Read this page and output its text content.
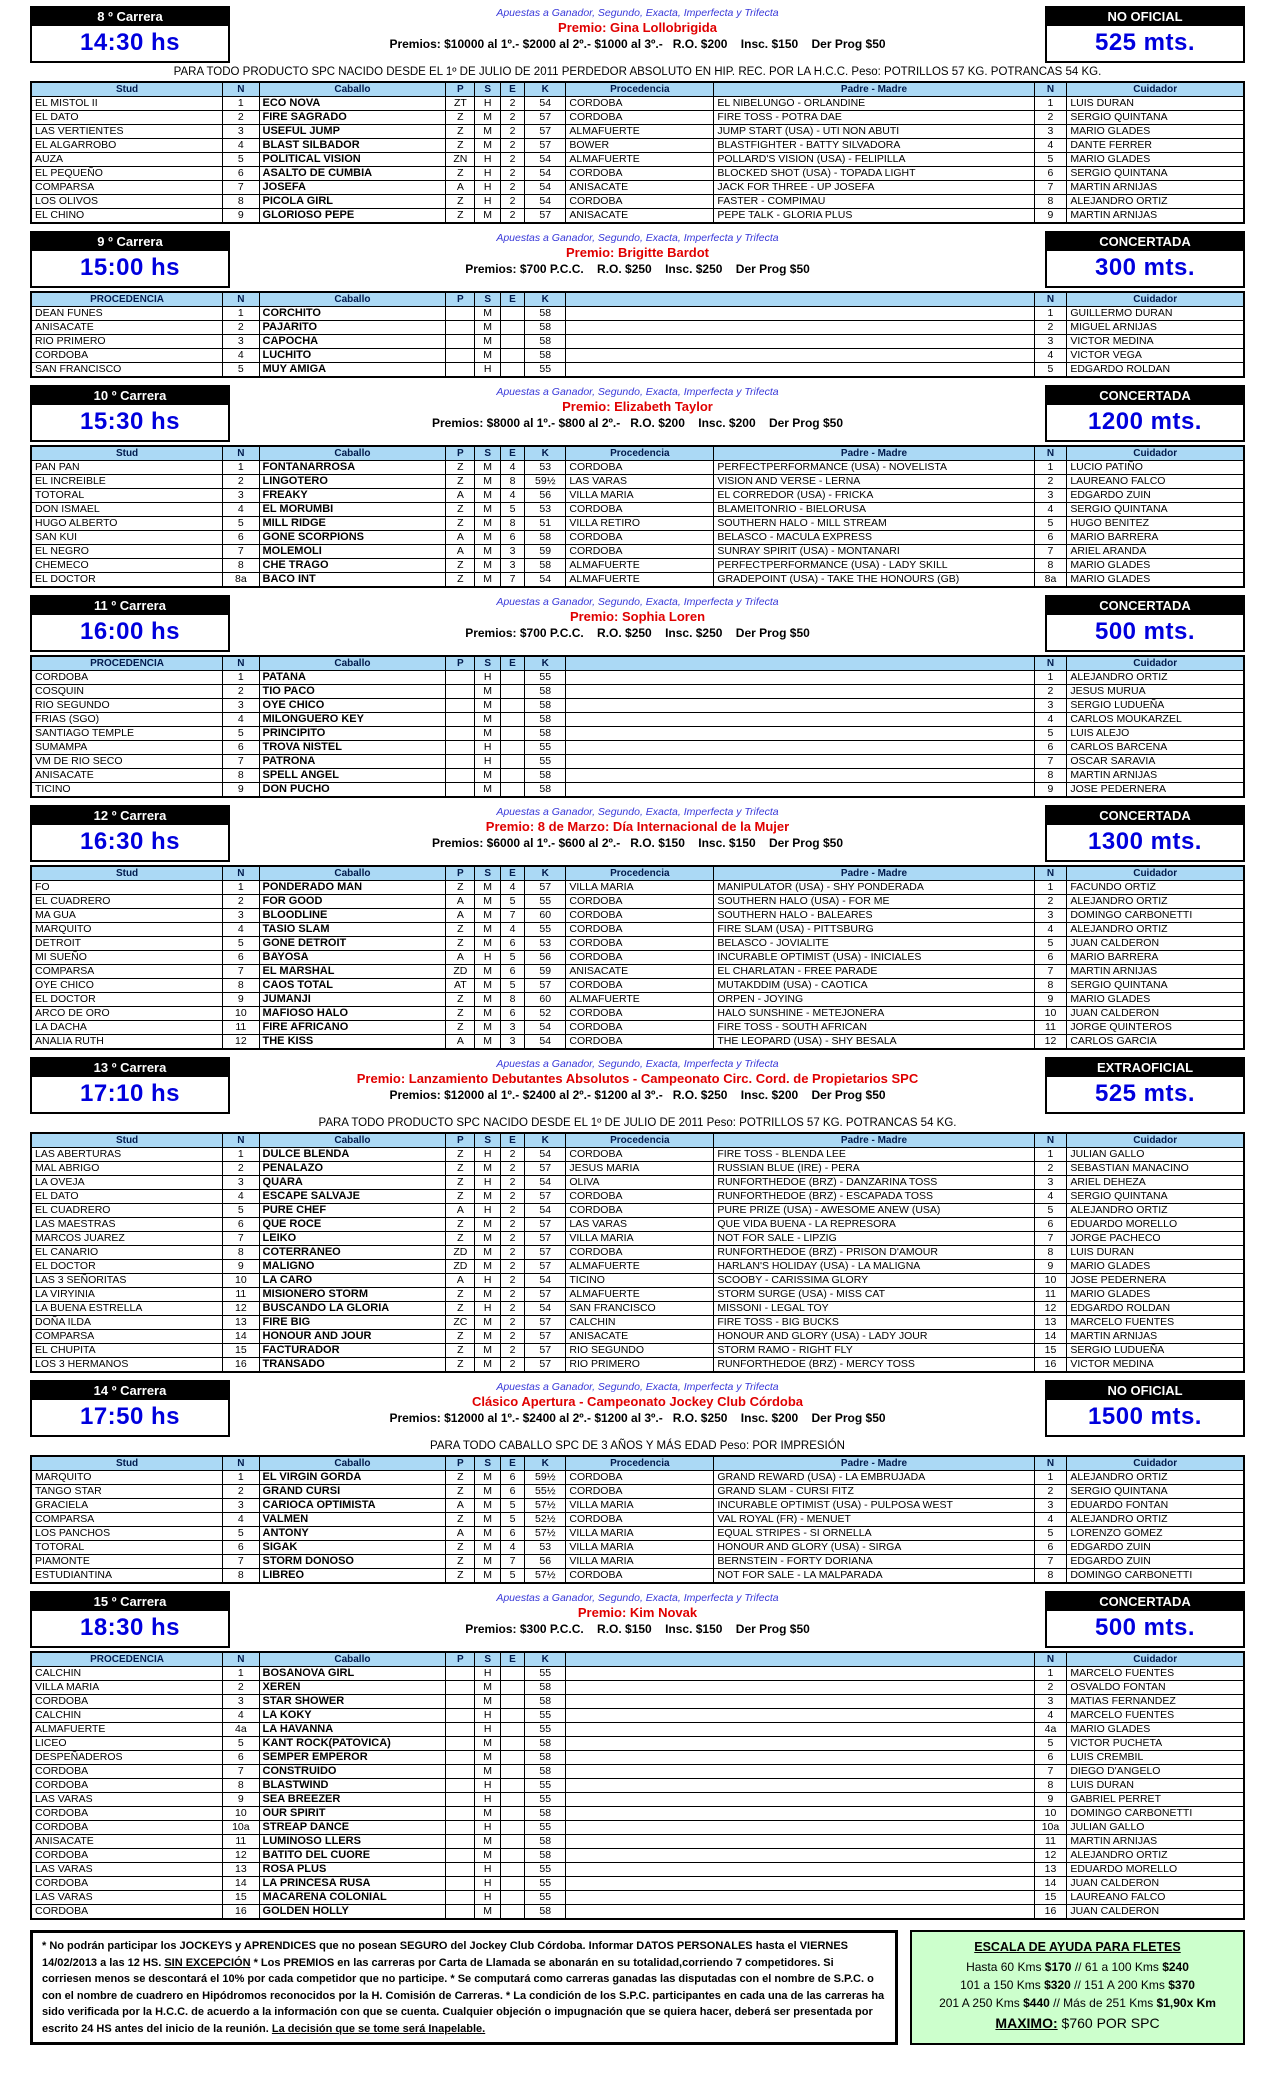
8 º Carrera
14:30 hs
Apuestas a Ganador, Segundo, Exacta, Imperfecta y Trifecta
Premio: Gina Lollobrigida
Premios: $10000 al 1º.- $2000 al 2º.- $1000 al 3º.-   R.O. $200    Insc. $150    Der Prog $50
NO OFICIAL
525 mts.
PARA TODO PRODUCTO SPC NACIDO DESDE EL 1º DE JULIO DE 2011 PERDEDOR ABSOLUTO EN HIP. REC. POR LA H.C.C. Peso: POTRILLOS 57 KG. POTRANCAS 54 KG.
Stud	N	Caballo	P	S	E	K	Procedencia	Padre - Madre	N	Cuidador
EL MISTOL II	1	ECO NOVA	ZT	H	2	54	CORDOBA	EL NIBELUNGO - ORLANDINE	1	LUIS DURAN
EL DATO	2	FIRE SAGRADO	Z	M	2	57	CORDOBA	FIRE TOSS - POTRA DAE	2	SERGIO QUINTANA
LAS VERTIENTES	3	USEFUL JUMP	Z	M	2	57	ALMAFUERTE	JUMP START (USA) - UTI NON ABUTI	3	MARIO GLADES
EL ALGARROBO	4	BLAST SILBADOR	Z	M	2	57	BOWER	BLASTFIGHTER - BATTY SILVADORA	4	DANTE FERRER
AUZA	5	POLITICAL VISION	ZN	H	2	54	ALMAFUERTE	POLLARD'S VISION (USA) - FELIPILLA	5	MARIO GLADES
EL PEQUEÑO	6	ASALTO DE CUMBIA	Z	H	2	54	CORDOBA	BLOCKED SHOT (USA) - TOPADA LIGHT	6	SERGIO QUINTANA
COMPARSA	7	JOSEFA	A	H	2	54	ANISACATE	JACK FOR THREE - UP JOSEFA	7	MARTIN ARNIJAS
LOS OLIVOS	8	PICOLA GIRL	Z	H	2	54	CORDOBA	FASTER - COMPIMAU	8	ALEJANDRO ORTIZ
EL CHINO	9	GLORIOSO PEPE	Z	M	2	57	ANISACATE	PEPE TALK - GLORIA PLUS	9	MARTIN ARNIJAS
9 º Carrera
15:00 hs
Apuestas a Ganador, Segundo, Exacta, Imperfecta y Trifecta
Premio: Brigitte Bardot
Premios: $700 P.C.C.    R.O. $250    Insc. $250    Der Prog $50
CONCERTADA
300 mts.
PROCEDENCIA	N	Caballo	P	S	E	K		N	Cuidador
DEAN FUNES	1	CORCHITO		M		58		1	GUILLERMO DURAN
ANISACATE	2	PAJARITO		M		58		2	MIGUEL ARNIJAS
RIO PRIMERO	3	CAPOCHA		M		58		3	VICTOR MEDINA
CORDOBA	4	LUCHITO		M		58		4	VICTOR VEGA
SAN FRANCISCO	5	MUY AMIGA		H		55		5	EDGARDO ROLDAN
10 º Carrera
15:30 hs
Apuestas a Ganador, Segundo, Exacta, Imperfecta y Trifecta
Premio: Elizabeth Taylor
Premios: $8000 al 1º.- $800 al 2º.-   R.O. $200    Insc. $200    Der Prog $50
CONCERTADA
1200 mts.
Stud	N	Caballo	P	S	E	K	Procedencia	Padre - Madre	N	Cuidador
PAN PAN	1	FONTANARROSA	Z	M	4	53	CORDOBA	PERFECTPERFORMANCE (USA) - NOVELISTA	1	LUCIO PATIÑO
EL INCREIBLE	2	LINGOTERO	Z	M	8	59½	LAS VARAS	VISION AND VERSE - LERNA	2	LAUREANO FALCO
TOTORAL	3	FREAKY	A	M	4	56	VILLA MARIA	EL CORREDOR (USA) - FRICKA	3	EDGARDO ZUIN
DON ISMAEL	4	EL MORUMBI	Z	M	5	53	CORDOBA	BLAMEITONRIO - BIELORUSA	4	SERGIO QUINTANA
HUGO ALBERTO	5	MILL RIDGE	Z	M	8	51	VILLA RETIRO	SOUTHERN HALO - MILL STREAM	5	HUGO BENITEZ
SAN KUI	6	GONE SCORPIONS	A	M	6	58	CORDOBA	BELASCO - MACULA EXPRESS	6	MARIO BARRERA
EL NEGRO	7	MOLEMOLI	A	M	3	59	CORDOBA	SUNRAY SPIRIT (USA) - MONTANARI	7	ARIEL ARANDA
CHEMECO	8	CHE TRAGO	Z	M	3	58	ALMAFUERTE	PERFECTPERFORMANCE (USA) - LADY SKILL	8	MARIO GLADES
EL DOCTOR	8a	BACO INT	Z	M	7	54	ALMAFUERTE	GRADEPOINT (USA) - TAKE THE HONOURS (GB)	8a	MARIO GLADES
11 º Carrera
16:00 hs
Apuestas a Ganador, Segundo, Exacta, Imperfecta y Trifecta
Premio: Sophia Loren
Premios: $700 P.C.C.    R.O. $250    Insc. $250    Der Prog $50
CONCERTADA
500 mts.
PROCEDENCIA	N	Caballo	P	S	E	K		N	Cuidador
CORDOBA	1	PATANA		H		55		1	ALEJANDRO ORTIZ
COSQUIN	2	TIO PACO		M		58		2	JESUS MURUA
RIO SEGUNDO	3	OYE CHICO		M		58		3	SERGIO LUDUEÑA
FRIAS (SGO)	4	MILONGUERO KEY		M		58		4	CARLOS MOUKARZEL
SANTIAGO TEMPLE	5	PRINCIPITO		M		58		5	LUIS ALEJO
SUMAMPA	6	TROVA NISTEL		H		55		6	CARLOS BARCENA
VM DE RIO SECO	7	PATRONA		H		55		7	OSCAR SARAVIA
ANISACATE	8	SPELL ANGEL		M		58		8	MARTIN ARNIJAS
TICINO	9	DON PUCHO		M		58		9	JOSE PEDERNERA
12 º Carrera
16:30 hs
Apuestas a Ganador, Segundo, Exacta, Imperfecta y Trifecta
Premio: 8 de Marzo: Día Internacional de la Mujer
Premios: $6000 al 1º.- $600 al 2º.-   R.O. $150    Insc. $150    Der Prog $50
CONCERTADA
1300 mts.
Stud	N	Caballo	P	S	E	K	Procedencia	Padre - Madre	N	Cuidador
FO	1	PONDERADO MAN	Z	M	4	57	VILLA MARIA	MANIPULATOR (USA) - SHY PONDERADA	1	FACUNDO ORTIZ
EL CUADRERO	2	FOR GOOD	A	M	5	55	CORDOBA	SOUTHERN HALO (USA) - FOR ME	2	ALEJANDRO ORTIZ
MA GUA	3	BLOODLINE	A	M	7	60	CORDOBA	SOUTHERN HALO - BALEARES	3	DOMINGO CARBONETTI
MARQUITO	4	TASIO SLAM	Z	M	4	55	CORDOBA	FIRE SLAM (USA) - PITTSBURG	4	ALEJANDRO ORTIZ
DETROIT	5	GONE DETROIT	Z	M	6	53	CORDOBA	BELASCO - JOVIALITE	5	JUAN CALDERON
MI SUEÑO	6	BAYOSA	A	H	5	56	CORDOBA	INCURABLE OPTIMIST (USA) - INICIALES	6	MARIO BARRERA
COMPARSA	7	EL MARSHAL	ZD	M	6	59	ANISACATE	EL CHARLATAN - FREE PARADE	7	MARTIN ARNIJAS
OYE CHICO	8	CAOS TOTAL	AT	M	5	57	CORDOBA	MUTAKDDIM (USA) - CAOTICA	8	SERGIO QUINTANA
EL DOCTOR	9	JUMANJI	Z	M	8	60	ALMAFUERTE	ORPEN - JOYING	9	MARIO GLADES
ARCO DE ORO	10	MAFIOSO HALO	Z	M	6	52	CORDOBA	HALO SUNSHINE - METEJONERA	10	JUAN CALDERON
LA DACHA	11	FIRE AFRICANO	Z	M	3	54	CORDOBA	FIRE TOSS - SOUTH AFRICAN	11	JORGE QUINTEROS
ANALIA RUTH	12	THE KISS	A	M	3	54	CORDOBA	THE LEOPARD (USA) - SHY BESALA	12	CARLOS GARCIA
13 º Carrera
17:10 hs
Apuestas a Ganador, Segundo, Exacta, Imperfecta y Trifecta
Premio: Lanzamiento Debutantes Absolutos - Campeonato Circ. Cord. de Propietarios SPC
Premios: $12000 al 1º.- $2400 al 2º.- $1200 al 3º.-   R.O. $250    Insc. $200    Der Prog $50
EXTRAOFICIAL
525 mts.
PARA TODO PRODUCTO SPC NACIDO DESDE EL 1º DE JULIO DE 2011 Peso: POTRILLOS 57 KG. POTRANCAS 54 KG.
Stud	N	Caballo	P	S	E	K	Procedencia	Padre - Madre	N	Cuidador
LAS ABERTURAS	1	DULCE BLENDA	Z	H	2	54	CORDOBA	FIRE TOSS - BLENDA LEE	1	JULIAN GALLO
MAL ABRIGO	2	PENALAZO	Z	M	2	57	JESUS MARIA	RUSSIAN BLUE (IRE) - PERA	2	SEBASTIAN MANACINO
LA OVEJA	3	QUARA	Z	H	2	54	OLIVA	RUNFORTHEDOE (BRZ) - DANZARINA TOSS	3	ARIEL DEHEZA
EL DATO	4	ESCAPE SALVAJE	Z	M	2	57	CORDOBA	RUNFORTHEDOE (BRZ) - ESCAPADA TOSS	4	SERGIO QUINTANA
EL CUADRERO	5	PURE CHEF	A	H	2	54	CORDOBA	PURE PRIZE (USA) - AWESOME ANEW (USA)	5	ALEJANDRO ORTIZ
LAS MAESTRAS	6	QUE ROCE	Z	M	2	57	LAS VARAS	QUE VIDA BUENA - LA REPRESORA	6	EDUARDO MORELLO
MARCOS JUAREZ	7	LEIKO	Z	M	2	57	VILLA MARIA	NOT FOR SALE - LIPZIG	7	JORGE PACHECO
EL CANARIO	8	COTERRANEO	ZD	M	2	57	CORDOBA	RUNFORTHEDOE (BRZ) - PRISON D'AMOUR	8	LUIS DURAN
EL DOCTOR	9	MALIGNO	ZD	M	2	57	ALMAFUERTE	HARLAN'S HOLIDAY (USA) - LA MALIGNA	9	MARIO GLADES
LAS 3 SEÑORITAS	10	LA CARO	A	H	2	54	TICINO	SCOOBY - CARISSIMA GLORY	10	JOSE PEDERNERA
LA VIRYINIA	11	MISIONERO STORM	Z	M	2	57	ALMAFUERTE	STORM SURGE (USA) - MISS CAT	11	MARIO GLADES
LA BUENA ESTRELLA	12	BUSCANDO LA GLORIA	Z	H	2	54	SAN FRANCISCO	MISSONI - LEGAL TOY	12	EDGARDO ROLDAN
DOÑA ILDA	13	FIRE BIG	ZC	M	2	57	CALCHIN	FIRE TOSS - BIG BUCKS	13	MARCELO FUENTES
COMPARSA	14	HONOUR AND JOUR	Z	M	2	57	ANISACATE	HONOUR AND GLORY (USA) - LADY JOUR	14	MARTIN ARNIJAS
EL CHUPITA	15	FACTURADOR	Z	M	2	57	RIO SEGUNDO	STORM RAMO - RIGHT FLY	15	SERGIO LUDUEÑA
LOS 3 HERMANOS	16	TRANSADO	Z	M	2	57	RIO PRIMERO	RUNFORTHEDOE (BRZ) - MERCY TOSS	16	VICTOR MEDINA
14 º Carrera
17:50 hs
Apuestas a Ganador, Segundo, Exacta, Imperfecta y Trifecta
Clásico Apertura - Campeonato Jockey Club Córdoba
Premios: $12000 al 1º.- $2400 al 2º.- $1200 al 3º.-   R.O. $250    Insc. $200    Der Prog $50
NO OFICIAL
1500 mts.
PARA TODO CABALLO SPC DE 3 AÑOS Y MÁS EDAD Peso: POR IMPRESIÓN
Stud	N	Caballo	P	S	E	K	Procedencia	Padre - Madre	N	Cuidador
MARQUITO	1	EL VIRGIN GORDA	Z	M	6	59½	CORDOBA	GRAND REWARD (USA) - LA EMBRUJADA	1	ALEJANDRO ORTIZ
TANGO STAR	2	GRAND CURSI	Z	M	6	55½	CORDOBA	GRAND SLAM - CURSI FITZ	2	SERGIO QUINTANA
GRACIELA	3	CARIOCA OPTIMISTA	A	M	5	57½	VILLA MARIA	INCURABLE OPTIMIST (USA) - PULPOSA WEST	3	EDUARDO FONTAN
COMPARSA	4	VALMEN	Z	M	5	52½	CORDOBA	VAL ROYAL (FR) - MENUET	4	ALEJANDRO ORTIZ
LOS PANCHOS	5	ANTONY	A	M	6	57½	VILLA MARIA	EQUAL STRIPES - SI ORNELLA	5	LORENZO GOMEZ
TOTORAL	6	SIGAK	Z	M	4	53	VILLA MARIA	HONOUR AND GLORY (USA) - SIRGA	6	EDGARDO ZUIN
PIAMONTE	7	STORM DONOSO	Z	M	7	56	VILLA MARIA	BERNSTEIN - FORTY DORIANA	7	EDGARDO ZUIN
ESTUDIANTINA	8	LIBREO	Z	M	5	57½	CORDOBA	NOT FOR SALE - LA MALPARADA	8	DOMINGO CARBONETTI
15 º Carrera
18:30 hs
Apuestas a Ganador, Segundo, Exacta, Imperfecta y Trifecta
Premio: Kim Novak
Premios: $300 P.C.C.    R.O. $150    Insc. $150    Der Prog $50
CONCERTADA
500 mts.
PROCEDENCIA	N	Caballo	P	S	E	K		N	Cuidador
CALCHIN	1	BOSANOVA GIRL		H		55		1	MARCELO FUENTES
VILLA MARIA	2	XEREN		M		58		2	OSVALDO FONTAN
CORDOBA	3	STAR SHOWER		M		58		3	MATIAS FERNANDEZ
CALCHIN	4	LA KOKY		H		55		4	MARCELO FUENTES
ALMAFUERTE	4a	LA HAVANNA		H		55		4a	MARIO GLADES
LICEO	5	KANT ROCK(PATOVICA)		M		58		5	VICTOR PUCHETA
DESPEÑADEROS	6	SEMPER EMPEROR		M		58		6	LUIS CREMBIL
CORDOBA	7	CONSTRUIDO		M		58		7	DIEGO D'ANGELO
CORDOBA	8	BLASTWIND		H		55		8	LUIS DURAN
LAS VARAS	9	SEA BREEZER		H		55		9	GABRIEL PERRET
CORDOBA	10	OUR SPIRIT		M		58		10	DOMINGO CARBONETTI
CORDOBA	10a	STREAP DANCE		H		55		10a	JULIAN GALLO
ANISACATE	11	LUMINOSO LLERS		M		58		11	MARTIN ARNIJAS
CORDOBA	12	BATITO DEL CUORE		M		58		12	ALEJANDRO ORTIZ
LAS VARAS	13	ROSA PLUS		H		55		13	EDUARDO MORELLO
CORDOBA	14	LA PRINCESA RUSA		H		55		14	JUAN CALDERON
LAS VARAS	15	MACARENA COLONIAL		H		55		15	LAUREANO FALCO
CORDOBA	16	GOLDEN HOLLY		M		58		16	JUAN CALDERON
* No podrán participar los JOCKEYS y APRENDICES que no posean SEGURO del Jockey Club Córdoba. Informar DATOS PERSONALES hasta el VIERNES 14/02/2013 a las 12 HS. SIN EXCEPCIÓN * Los PREMIOS en las carreras por Carta de Llamada se abonarán en su totalidad,corriendo 7 competidores. Si corriesen menos se descontará el 10% por cada competidor que no participe. * Se computará como carreras ganadas las disputadas con el nombre de S.P.C. o con el nombre de cuadrero en Hipódromos reconocidos por la H. Comisión de Carreras. * La condición de los S.P.C. participantes en cada una de las carreras ha sido verificada por la H.C.C. de acuerdo a la información con que se cuenta. Cualquier objeción o impugnación que se quiera hacer, deberá ser presentada por escrito 24 HS antes del inicio de la reunión. La decisión que se tome será Inapelable.
ESCALA DE AYUDA PARA FLETES
Hasta 60 Kms $170 // 61 a 100 Kms $240
101 a 150 Kms $320 // 151 A 200 Kms $370
201 A 250 Kms $440 // Más de 251 Kms $1,90x Km
MAXIMO: $760 POR SPC
